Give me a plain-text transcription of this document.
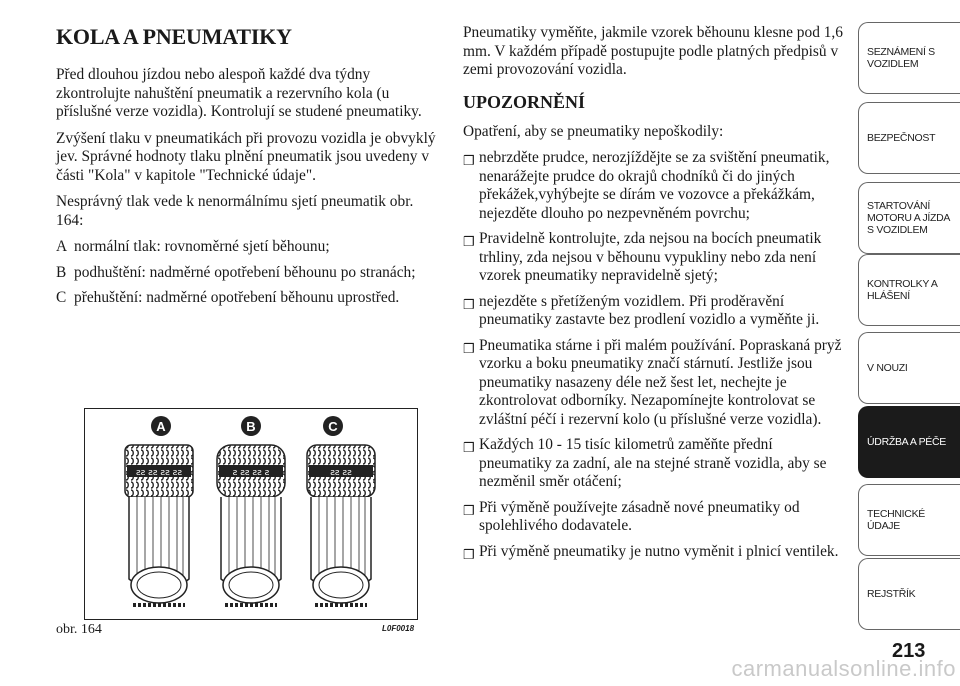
KOLA A PNEUMATIKY

Před dlouhou jízdou nebo alespoň každé dva týdny zkontrolujte nahuštění pneumatik a rezervního kola (u příslušné verze vozidla). Kontrolují se studené pneumatiky.

Zvýšení tlaku v pneumatikách při provozu vozidla je obvyklý jev. Správné hodnoty tlaku plnění pneumatik jsou uvedeny v části "Kola" v kapitole "Technické údaje".

Nesprávný tlak vede k nenormálnímu sjetí pneumatik obr. 164:

A normální tlak: rovnoměrné sjetí běhounu;
B podhuštění: nadměrné opotřebení běhounu po stranách;
C přehuštění: nadměrné opotřebení běhounu uprostřed.
ƨƨ ƨƨ ƨƨ ƨƨ	ƨ ƨƨ ƨƨ ƨ	ƨƨ ƨƨ
A	B	C
obr. 164	L0F0018

Pneumatiky vyměňte, jakmile vzorek běhounu klesne pod 1,6 mm. V každém případě postupujte podle platných předpisů v zemi provozování vozidla.

UPOZORNĚNÍ

Opatření, aby se pneumatiky nepoškodily:

❒ nebrzděte prudce, nerozjíždějte se za svištění pneumatik, nenarážejte prudce do okrajů chodníků či do jiných překážek,vyhýbejte se dírám ve vozovce a překážkám, nejezděte dlouho po nezpevněném povrchu;
❒ Pravidelně kontrolujte, zda nejsou na bocích pneumatik trhliny, zda nejsou v běhounu vypukliny nebo zda není vzorek pneumatiky nepravidelně sjetý;
❒ nejezděte s přetíženým vozidlem. Při proděravění pneumatiky zastavte bez prodlení vozidlo a vyměňte ji.
❒ Pneumatika stárne i při malém používání. Popraskaná pryž vzorku a boku pneumatiky značí stárnutí. Jestliže jsou pneumatiky nasazeny déle než šest let, nechejte je zkontrolovat odborníky. Nezapomínejte kontrolovat se zvláštní péčí i rezervní kolo (u příslušné verze vozidla).
❒ Každých 10 - 15 tisíc kilometrů zaměňte přední pneumatiky za zadní, ale na stejné straně vozidla, aby se nezměnil směr otáčení;
❒ Při výměně používejte zásadně nové pneumatiky od spolehlivého dodavatele.
❒ Při výměně pneumatiky je nutno vyměnit i plnicí ventilek.
SEZNÁMENÍ S VOZIDLEM
BEZPEČNOST
STARTOVÁNÍ MOTORU A JÍZDA S VOZIDLEM
KONTROLKY A HLÁŠENÍ
V NOUZI
ÚDRŽBA A PÉČE
TECHNICKÉ ÚDAJE
REJSTŘÍK
213
carmanualsonline.info
